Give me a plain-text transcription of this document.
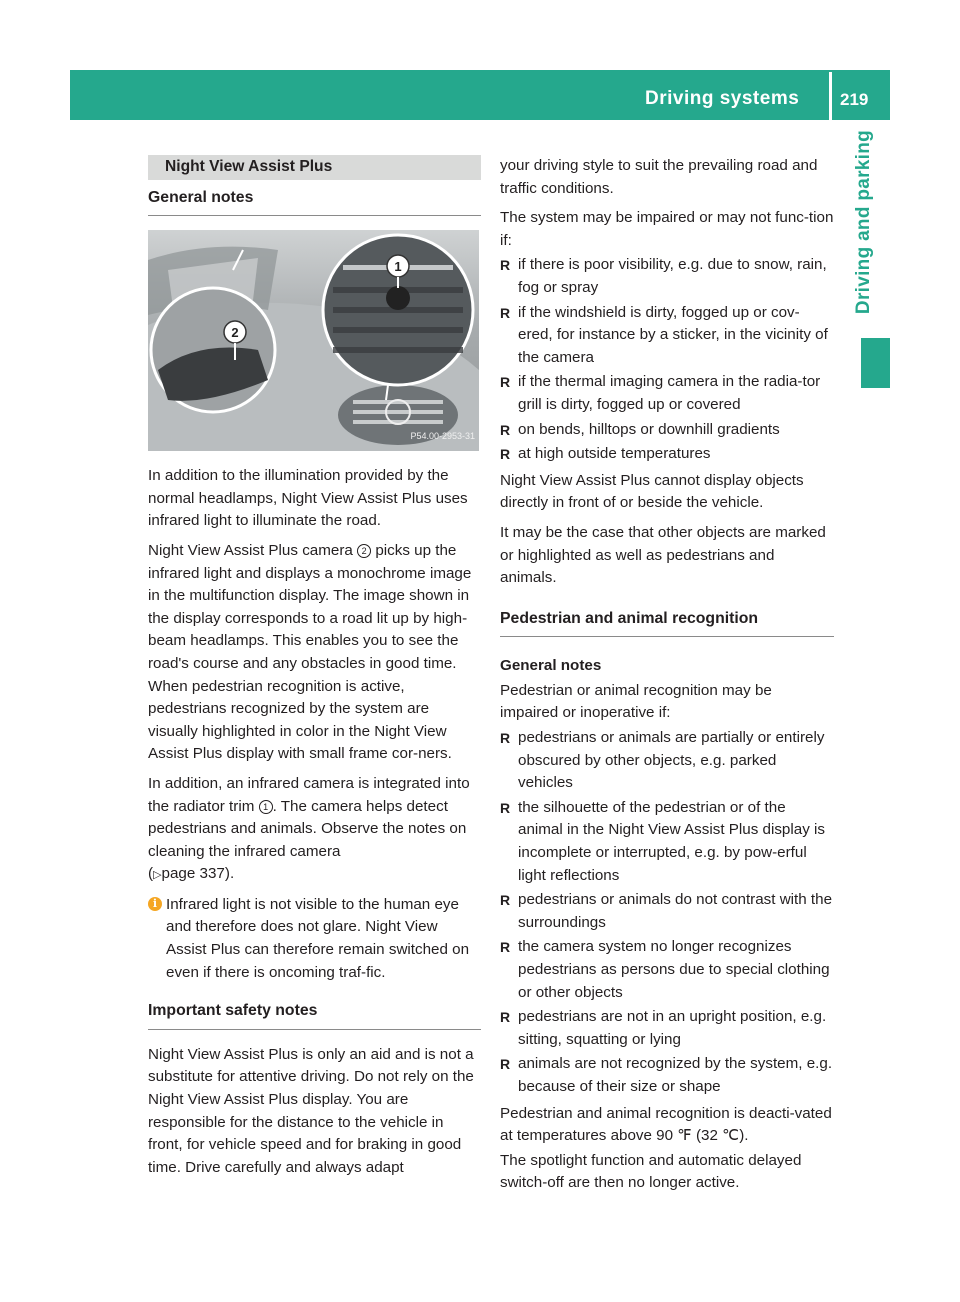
Driving systems 219
Driving and parking
Night View Assist Plus
General notes
2
1
P54.00-2953-31

In addition to the illumination provided by the normal headlamps, Night View Assist Plus uses infrared light to illuminate the road.

Night View Assist Plus camera 2 picks up the infrared light and displays a monochrome image in the multifunction display. The image shown in the display corresponds to a road lit up by high-beam headlamps. This enables you to see the road's course and any obstacles in good time. When pedestrian recognition is active, pedestrians recognized by the system are visually highlighted in color in the Night View Assist Plus display with small frame cor-ners.

In addition, an infrared camera is integrated into the radiator trim 1 . The camera helps detect pedestrians and animals. Observe the notes on cleaning the infrared camera
(▷page 337).

i Infrared light is not visible to the human eye and therefore does not glare. Night View Assist Plus can therefore remain switched on even if there is oncoming traf-fic.
Important safety notes

Night View Assist Plus is only an aid and is not a substitute for attentive driving. Do not rely on the Night View Assist Plus display. You are responsible for the distance to the vehicle in front, for vehicle speed and for braking in good time. Drive carefully and always adapt

your driving style to suit the prevailing road and traffic conditions.

The system may be impaired or may not func-tion if:

R if there is poor visibility, e.g. due to snow, rain, fog or spray
R if the windshield is dirty, fogged up or cov-ered, for instance by a sticker, in the vicinity of the camera
R if the thermal imaging camera in the radia-tor grill is dirty, fogged up or covered
R on bends, hilltops or downhill gradients
R at high outside temperatures

Night View Assist Plus cannot display objects directly in front of or beside the vehicle.

It may be the case that other objects are marked or highlighted as well as pedestrians and animals.

Pedestrian and animal recognition
General notes

Pedestrian or animal recognition may be impaired or inoperative if:

R pedestrians or animals are partially or entirely obscured by other objects, e.g. parked vehicles
R the silhouette of the pedestrian or of the animal in the Night View Assist Plus display is incomplete or interrupted, e.g. by pow-erful light reflections
R pedestrians or animals do not contrast with the surroundings
R the camera system no longer recognizes pedestrians as persons due to special clothing or other objects
R pedestrians are not in an upright position, e.g. sitting, squatting or lying
R animals are not recognized by the system, e.g. because of their size or shape

Pedestrian and animal recognition is deacti-vated at temperatures above 90 ℉ (32 ℃).

The spotlight function and automatic delayed switch-off are then no longer active.
